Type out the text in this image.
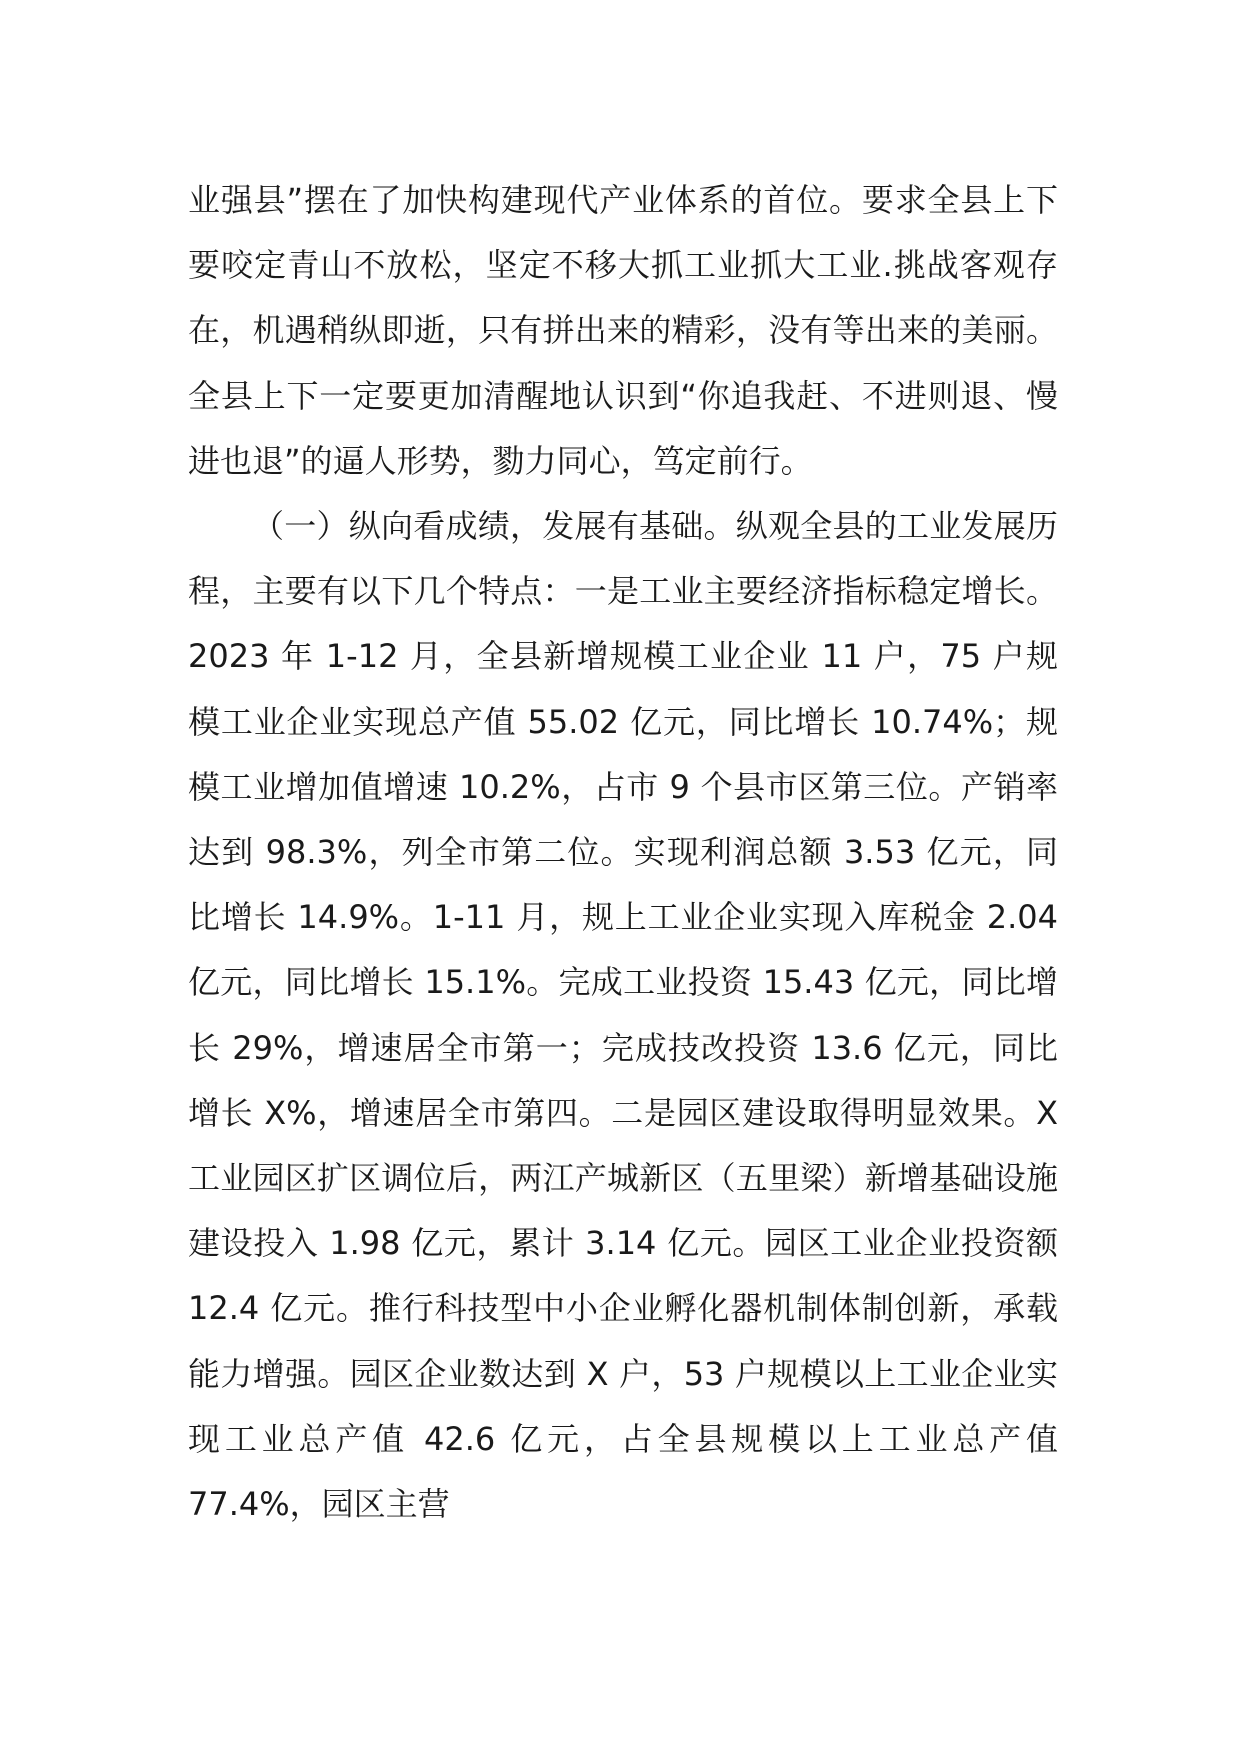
业强县”摆在了加快构建现代产业体系的首位。要求全县上下要咬定青山不放松，坚定不移大抓工业抓大工业.挑战客观存在，机遇稍纵即逝，只有拼出来的精彩，没有等出来的美丽。全县上下一定要更加清醒地认识到“你追我赶、不进则退、慢进也退”的逼人形势，勠力同心，笃定前行。

（一）纵向看成绩，发展有基础。纵观全县的工业发展历程，主要有以下几个特点：一是工业主要经济指标稳定增长。2023 年 1-12 月，全县新增规模工业企业 11 户，75 户规模工业企业实现总产值 55.02 亿元，同比增长 10.74%；规模工业增加值增速 10.2%，占市 9 个县市区第三位。产销率达到 98.3%，列全市第二位。实现利润总额 3.53 亿元，同比增长 14.9%。1-11 月，规上工业企业实现入库税金 2.04 亿元，同比增长 15.1%。完成工业投资 15.43 亿元，同比增长 29%，增速居全市第一；完成技改投资 13.6 亿元，同比增长 X%，增速居全市第四。二是园区建设取得明显效果。X 工业园区扩区调位后，两江产城新区（五里梁）新增基础设施建设投入 1.98 亿元，累计 3.14 亿元。园区工业企业投资额 12.4 亿元。推行科技型中小企业孵化器机制体制创新，承载能力增强。园区企业数达到 X 户，53 户规模以上工业企业实现工业总产值 42.6 亿元，占全县规模以上工业总产值 77.4%，园区主营
